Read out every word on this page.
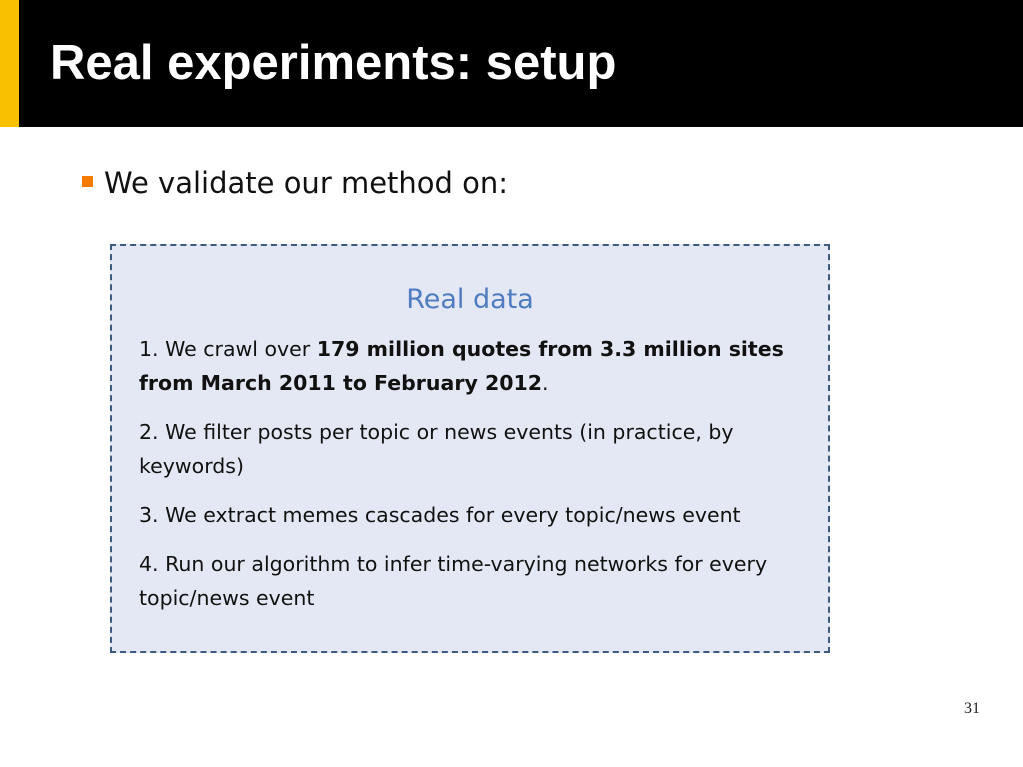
Real experiments: setup
We validate our method on:

Real data

1. We crawl over 179 million quotes from 3.3 million sites from March 2011 to February 2012.
2. We filter posts per topic or news events (in practice, by keywords)
3. We extract memes cascades for every topic/news event
4. Run our algorithm to infer time-varying networks for every topic/news event
31
